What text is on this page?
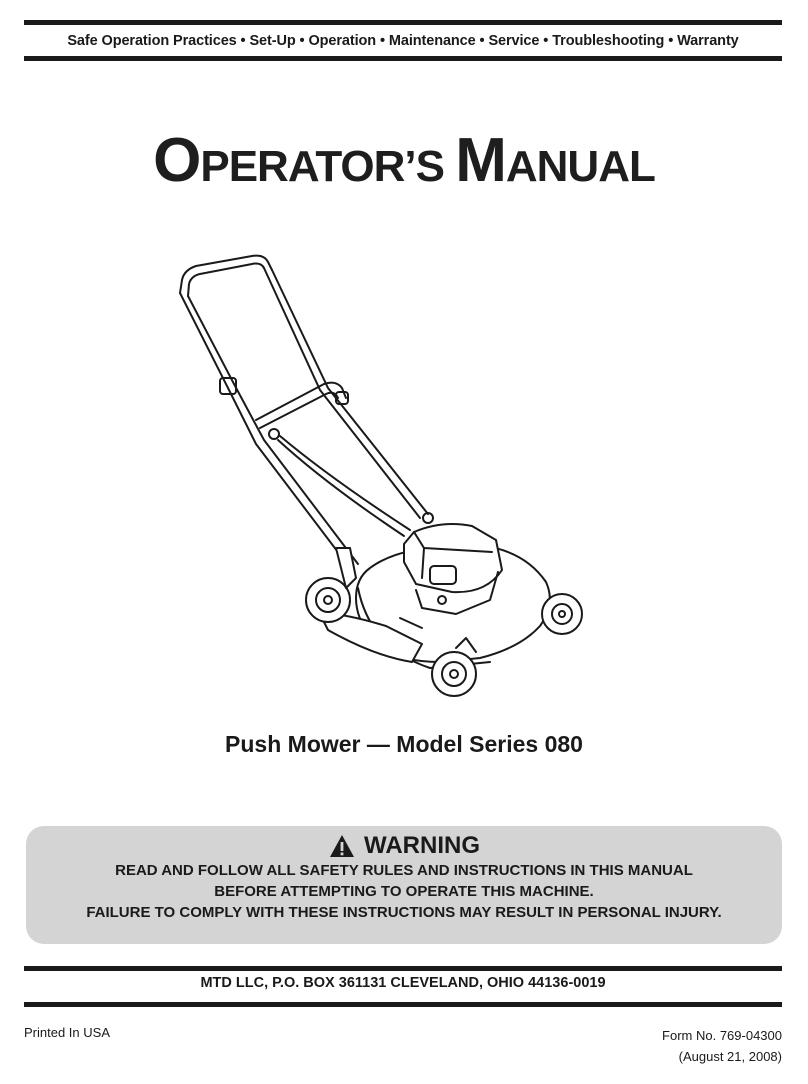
Safe Operation Practices • Set-Up • Operation • Maintenance • Service • Troubleshooting • Warranty
OPERATOR’S MANUAL
Push Mower — Model Series 080
WARNING
READ AND FOLLOW ALL SAFETY RULES AND INSTRUCTIONS IN THIS MANUAL
BEFORE ATTEMPTING TO OPERATE THIS MACHINE.
FAILURE TO COMPLY WITH THESE INSTRUCTIONS MAY RESULT IN PERSONAL INJURY.
MTD LLC, P.O. BOX 361131 CLEVELAND, OHIO 44136-0019
Printed In USA	Form No. 769-04300
(August 21, 2008)
